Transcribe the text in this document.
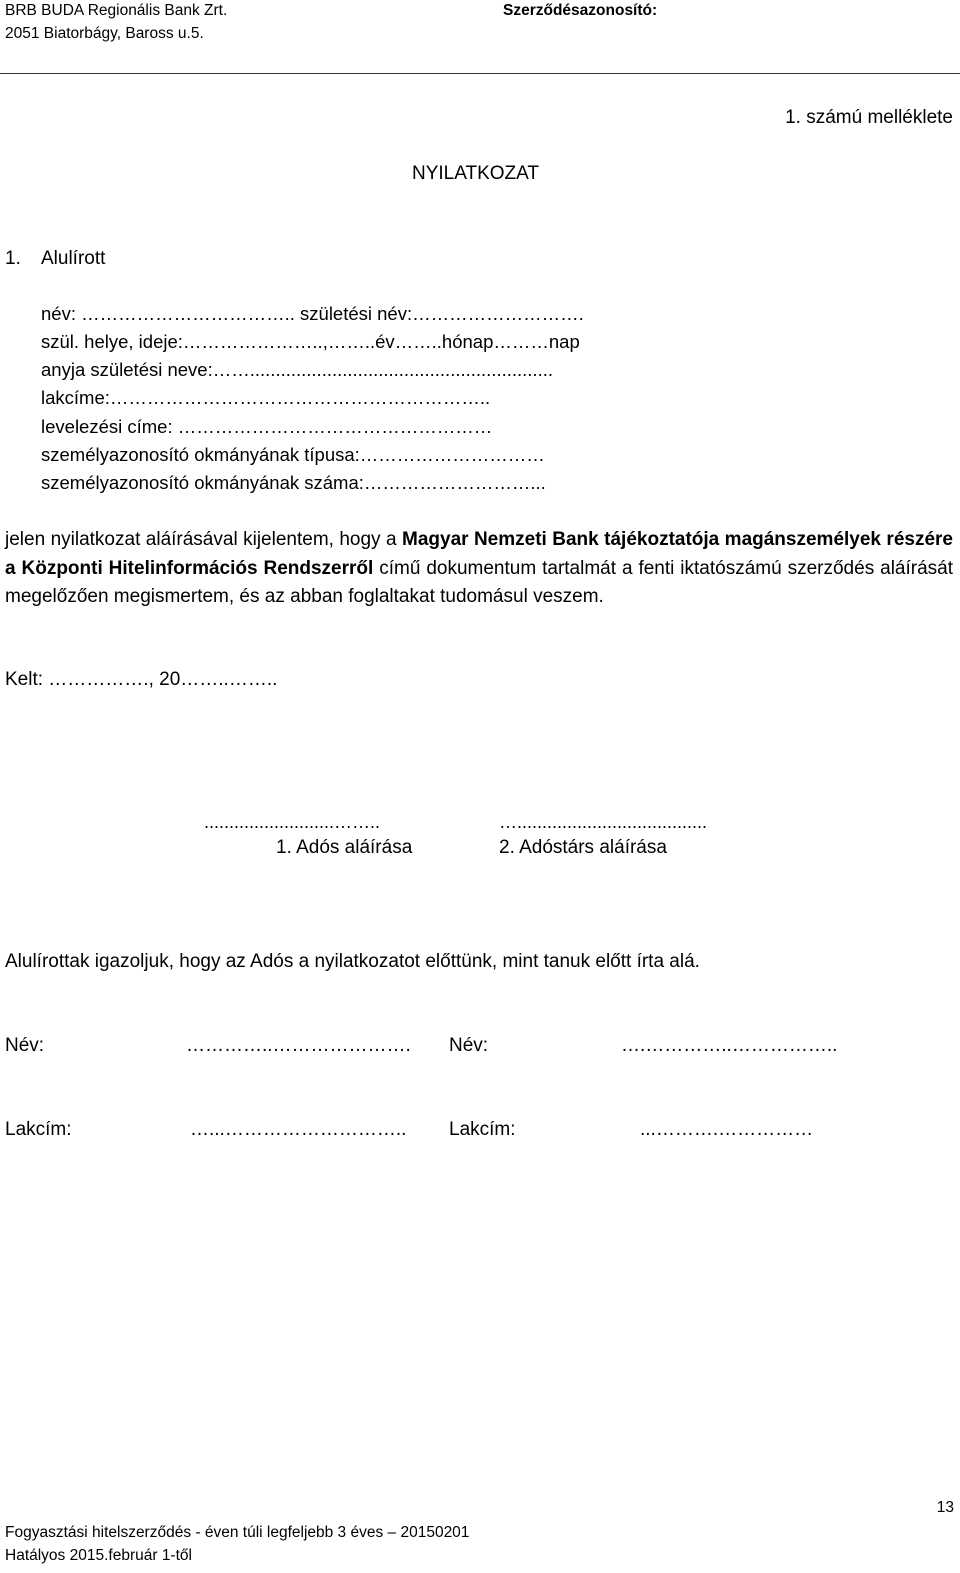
BRB BUDA Regionális Bank Zrt.
2051 Biatorbágy, Baross u.5.
Szerződésazonosító:
1. számú melléklete
NYILATKOZAT
1. Alulírott
név: …………………………….. születési név:……………………….
szül. helye, ideje:…………………..,……..év……..hónap………nap
anyja születési neve:……...........................................................
lakcíme:……………………………………………………..
levelezési címe: ……………………………………………
személyazonosító okmányának típusa:…………………………
személyazonosító okmányának száma:………………………...

jelen nyilatkozat aláírásával kijelentem, hogy a Magyar Nemzeti Bank tájékoztatója magánszemélyek részére a Központi Hitelinformációs Rendszerről című dokumentum tartalmát a fenti iktatószámú szerződés aláírását megelőzően megismertem, és az abban foglaltakat tudomásul veszem.

Kelt: ……………., 20……..……..
..........................……..	…......................................
1. Adós aláírása	2. Adóstárs aláírása
Alulírottak igazoljuk, hogy az Adós a nyilatkozatot előttünk, mint tanuk előtt írta alá.
Név:	…………..…………………. Név:	….…………..……………..
Lakcím:	…...……………………….. Lakcím:	...……….……………
13
Fogyasztási hitelszerződés - éven túli legfeljebb 3 éves – 20150201
Hatályos 2015.február 1-től
